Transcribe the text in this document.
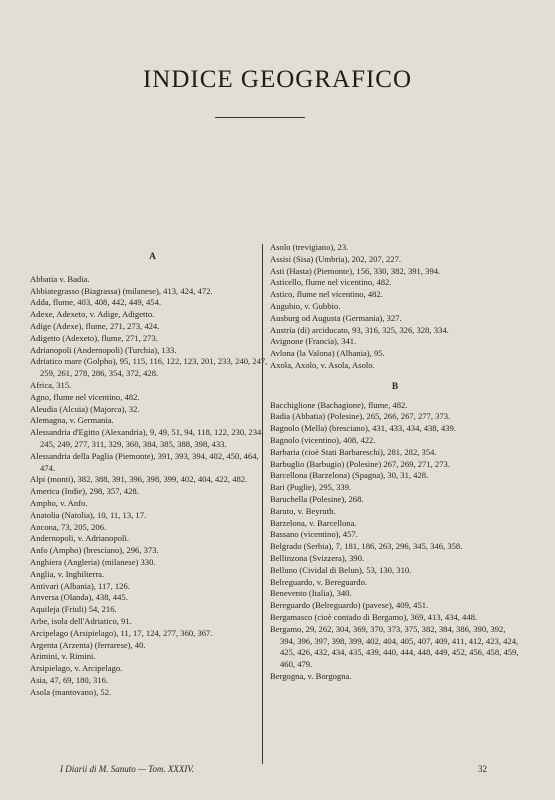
INDICE GEOGRAFICO
A
Abbatia v. Badia.
Abbiategrasso (Biagrassa) (milanese), 413, 424, 472.
Adda, flume, 403, 408, 442, 449, 454.
Adexe, Adexeto, v. Adige, Adigetto.
Adige (Adexe), flume, 271, 273, 424.
Adigetto (Adexeto), flume, 271, 273.
Adrianopoli (Andernopoli) (Turchia), 133.
Adriatico mare (Golpho), 95, 115, 116, 122, 123, 201, 233, 240, 247, 259, 261, 278, 286, 354, 372, 428.
Africa, 315.
Agno, flume nel vicentino, 482.
Aleudia (Alcuia) (Majorca), 32.
Alemagna, v. Germania.
Alessandria d'Egitto (Alexandria), 9, 49, 51, 94, 118, 122, 230, 234, 245, 249, 277, 311, 329, 360, 384, 385, 388, 398, 433.
Alessandria della Paglia (Piemonte), 391, 393, 394, 402, 450, 464, 474.
Alpi (monti), 382, 388, 391, 396, 398, 399, 402, 404, 422, 482.
America (Indie), 298, 357, 428.
Ampho, v. Anfo.
Anatolia (Natolia), 10, 11, 13, 17.
Ancona, 73, 205, 206.
Andernopoli, v. Adrianopoli.
Anfo (Ampho) (bresciano), 296, 373.
Anghiera (Angleria) (milanese) 330.
Anglia, v. Inghilterra.
Antivari (Albania), 117, 126.
Anversa (Olanda), 438, 445.
Aquileja (Friuli) 54, 216.
Arbe, isola dell'Adriatico, 91.
Arcipelago (Arsipielago), 11, 17, 124, 277, 360, 367.
Argenta (Arzenta) (ferrarese), 40.
Arimini, v. Rimini.
Arsipielago, v. Arcipelago.
Asia, 47, 69, 180, 316.
Asola (mantovano), 52.
Asolo (trevigiano), 23.
Assisi (Sisa) (Umbria), 202, 207, 227.
Asti (Hasta) (Piemonte), 156, 330, 382, 391, 394.
Asticello, flume nel vicentino, 482.
Astico, flume nel vicentino, 482.
Augubio, v. Gubbio.
Ausburg od Augusta (Germania), 327.
Austria (di) arciducato, 93, 316, 325, 326, 328, 334.
Avignone (Francia), 341.
Avlona (la Valona) (Albania), 95.
Axola, Axolo, v. Asola, Asolo.
B
Bacchiglione (Bachagione), flume, 482.
Badia (Abbatia) (Polesine), 265, 266, 267, 277, 373.
Bagnolo (Mella) (bresciano), 431, 433, 434, 438, 439.
Bagnolo (vicentino), 408, 422.
Barbaria (cioè Stati Barbareschi), 281, 282, 354.
Barbuglio (Barbugio) (Polesine) 267, 269, 271, 273.
Barcellona (Barzelona) (Spagna), 30, 31, 428.
Bari (Puglie), 295, 339.
Baruchella (Polesine), 268.
Baruto, v. Beyruth.
Barzelona, v. Barcellona.
Bassano (vicentino), 457.
Belgrado (Serbia), 7, 181, 186, 263, 296, 345, 346, 358.
Bellinzona (Svizzera), 390.
Belluno (Cividal di Belun), 53, 130, 310.
Belreguardo, v. Bereguardo.
Benevento (Italia), 340.
Bereguardo (Belreguardo) (pavese), 409, 451.
Bergamasco (cioè contado di Bergamo), 369, 413, 434, 448.
Bergamo, 29, 262, 304, 369, 370, 373, 375, 382, 384, 386, 390, 392, 394, 396, 397, 398, 399, 402, 404, 405, 407, 409, 411, 412, 423, 424, 425, 426, 432, 434, 435, 439, 440, 444, 448, 449, 452, 456, 458, 459, 460, 479.
Bergogna, v. Borgogna.
I Diarii di M. Sanuto — Tom. XXXIV.	32
